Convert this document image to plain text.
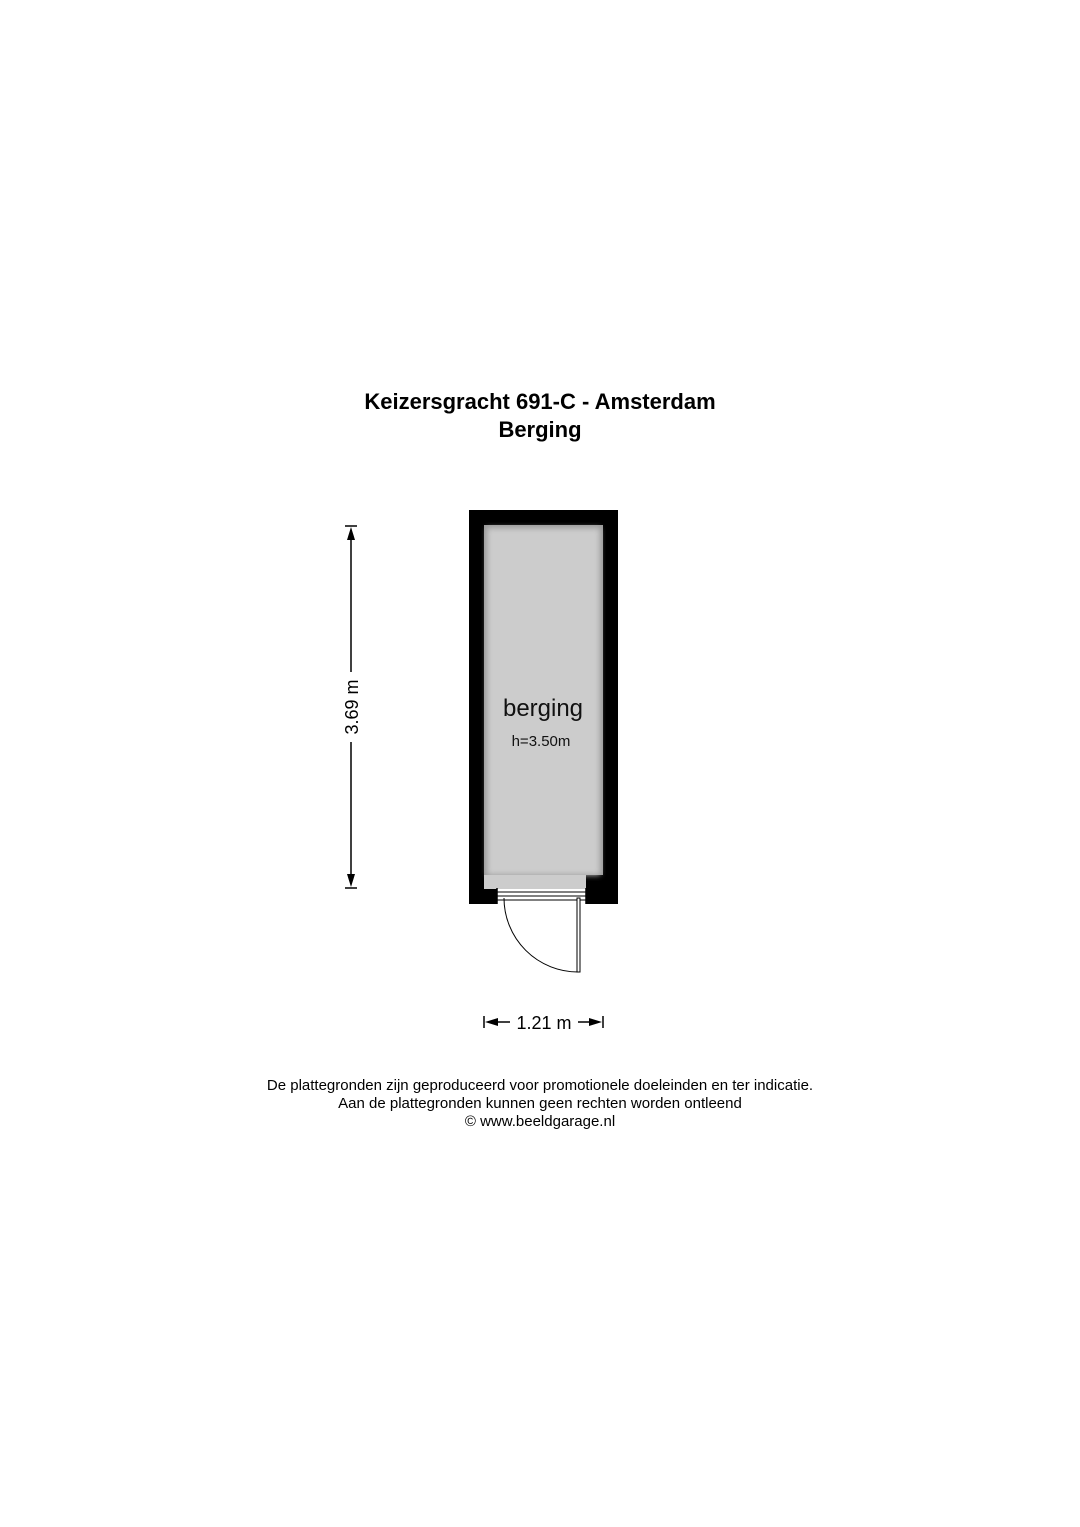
Keizersgracht 691-C - Amsterdam
Berging
berging
h=3.50m
3.69 m
1.21 m
De plattegronden zijn geproduceerd voor promotionele doeleinden en ter indicatie.
Aan de plattegronden kunnen geen rechten worden ontleend
© www.beeldgarage.nl
